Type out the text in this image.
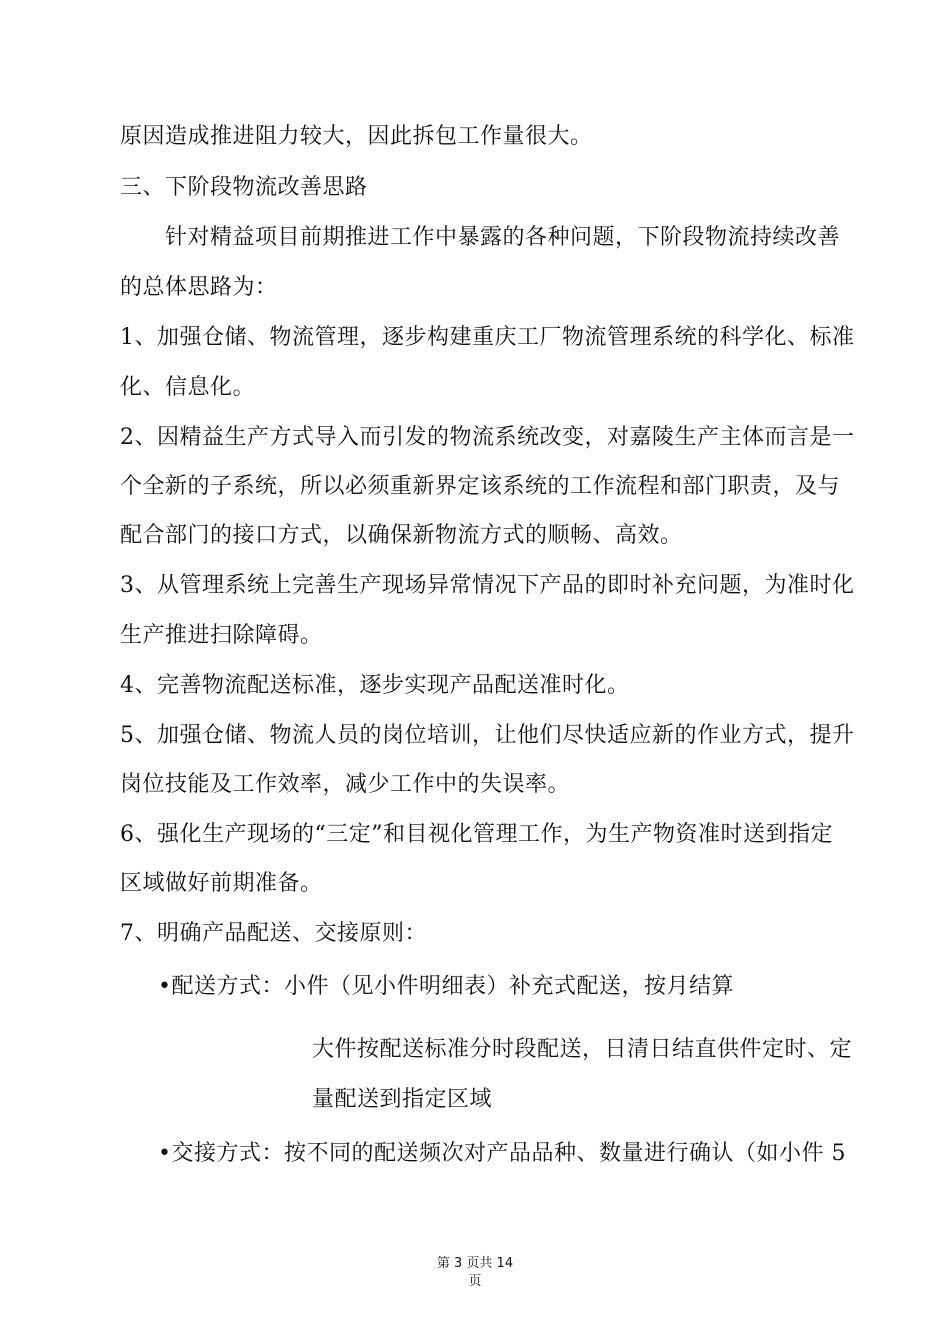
原因造成推进阻力较大，因此拆包工作量很大。
三、下阶段物流改善思路
针对精益项目前期推进工作中暴露的各种问题，下阶段物流持续改善
的总体思路为：
1、加强仓储、物流管理，逐步构建重庆工厂物流管理系统的科学化、标准
化、信息化。
2、因精益生产方式导入而引发的物流系统改变，对嘉陵生产主体而言是一
个全新的子系统，所以必须重新界定该系统的工作流程和部门职责，及与
配合部门的接口方式，以确保新物流方式的顺畅、高效。
3、从管理系统上完善生产现场异常情况下产品的即时补充问题，为准时化
生产推进扫除障碍。
4、完善物流配送标准，逐步实现产品配送准时化。
5、加强仓储、物流人员的岗位培训，让他们尽快适应新的作业方式，提升
岗位技能及工作效率，减少工作中的失误率。
6、强化生产现场的“三定”和目视化管理工作，为生产物资准时送到指定
区域做好前期准备。
7、明确产品配送、交接原则：
•配送方式：小件（见小件明细表）补充式配送，按月结算
大件按配送标准分时段配送，日清日结直供件定时、定
量配送到指定区域
•交接方式：按不同的配送频次对产品品种、数量进行确认（如小件 5
第 3 页共 14
页
